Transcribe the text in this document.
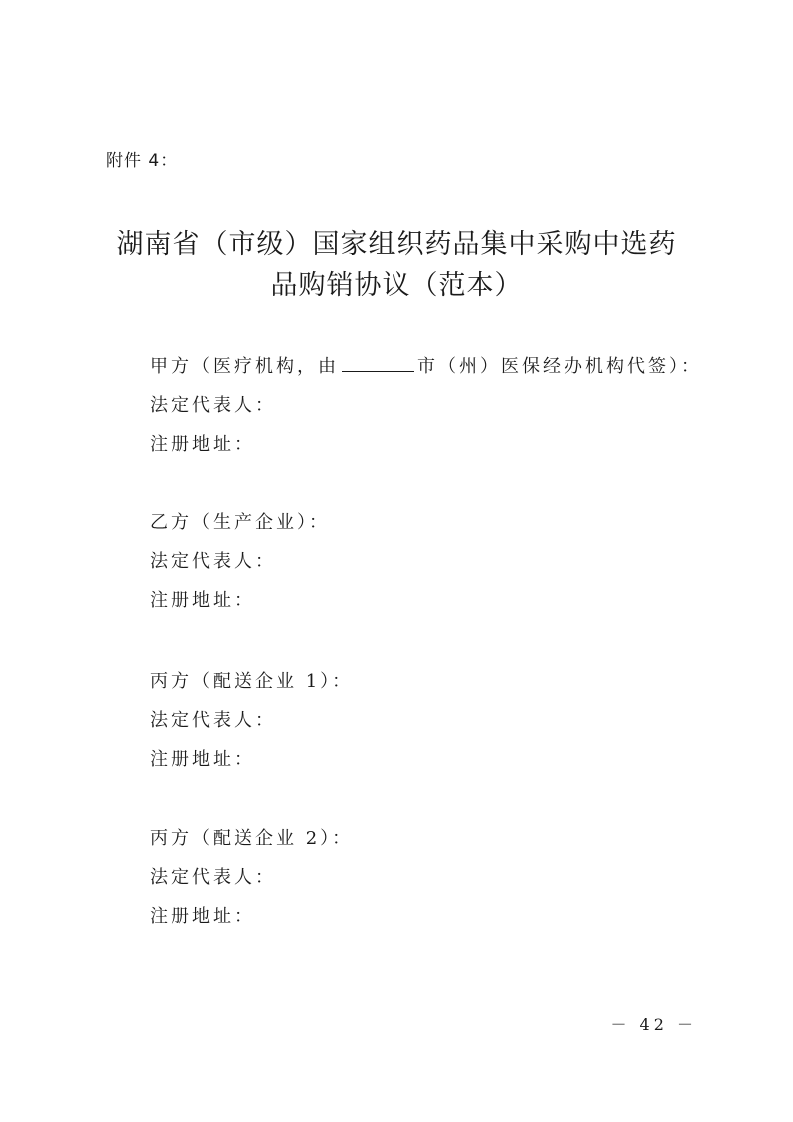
附件 4：
湖南省（市级）国家组织药品集中采购中选药
品购销协议（范本）
甲方（医疗机构，由	市（州）医保经办机构代签）：
法定代表人：
注册地址：
乙方（生产企业）：
法定代表人：
注册地址：
丙方（配送企业 1）：
法定代表人：
注册地址：
丙方（配送企业 2）：
法定代表人：
注册地址：
－ 42 －
